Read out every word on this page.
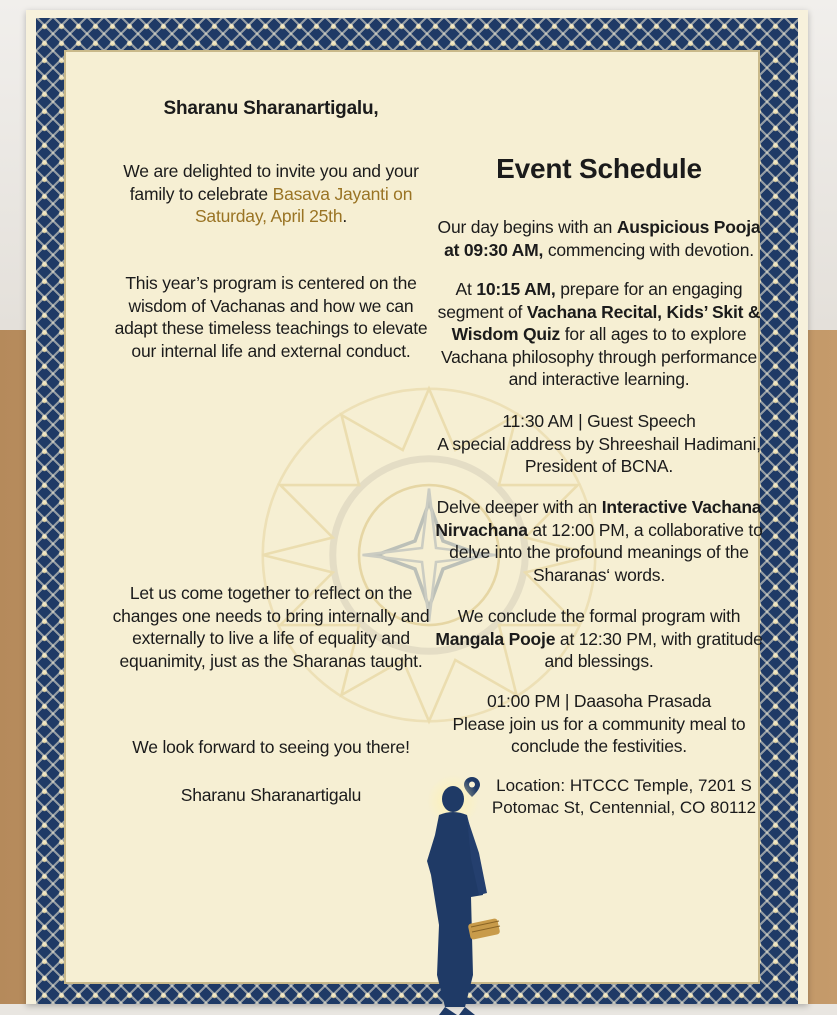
Sharanu Sharanartigalu,

We are delighted to invite you and your family to celebrate Basava Jayanti on Saturday, April 25th.

This year’s program is centered on the wisdom of Vachanas and how we can adapt these timeless teachings to elevate our internal life and external conduct.

Let us come together to reflect on the changes one needs to bring internally and externally to live a life of equality and equanimity, just as the Sharanas taught.

We look forward to seeing you there!

Sharanu Sharanartigalu

Event Schedule

Our day begins with an Auspicious Pooja at 09:30 AM, commencing with devotion.

At 10:15 AM, prepare for an engaging segment of Vachana Recital, Kids’ Skit & Wisdom Quiz for all ages to to explore Vachana philosophy through performance and interactive learning.

11:30 AM | Guest Speech

A special address by Shreeshail Hadimani, President of BCNA.

Delve deeper with an Interactive Vachana Nirvachana at 12:00 PM, a collaborative to delve into the profound meanings of the Sharanas‘ words.

We conclude the formal program with Mangala Pooje at 12:30 PM, with gratitude and blessings.

01:00 PM | Daasoha Prasada

Please join us for a community meal to conclude the festivities.

Location: HTCCC Temple, 7201 S Potomac St, Centennial, CO 80112
